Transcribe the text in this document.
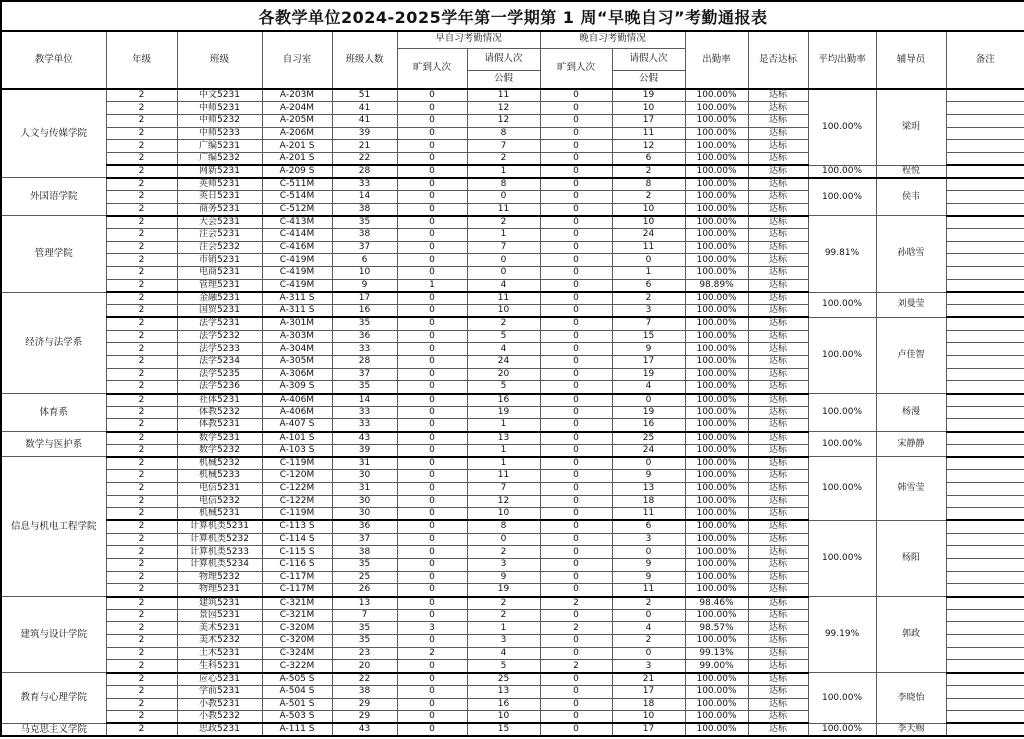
各教学单位2024-2025学年第一学期第 1 周“早晚自习”考勤通报表													
教学单位	年级	班级	自习室	班级人数	早自习考勤情况		晚自习考勤情况		出勤率	是否达标	平均出勤率	辅导员	备注
					旷到人次	请假人次	旷到人次	请假人次					
						公假		公假					
人文与传媒学院	2	中文5231	A-203M	51	0	11	0	19	100.00%	达标	100.00%	梁玥	
	2	中师5231	A-204M	41	0	12	0	10	100.00%	达标			
	2	中师5232	A-205M	41	0	12	0	17	100.00%	达标			
	2	中师5233	A-206M	39	0	8	0	11	100.00%	达标			
	2	广编5231	A-201 S	21	0	7	0	12	100.00%	达标			
	2	广编5232	A-201 S	22	0	2	0	6	100.00%	达标			
	2	网新5231	A-209 S	28	0	1	0	2	100.00%	达标	100.00%	程悦	
外国语学院	2	英师5231	C-511M	33	0	8	0	8	100.00%	达标	100.00%	侯韦	
	2	英日5231	C-514M	14	0	0	0	2	100.00%	达标			
	2	商务5231	C-512M	38	0	11	0	10	100.00%	达标			
管理学院	2	大会5231	C-413M	35	0	2	0	10	100.00%	达标	99.81%	孙晗雪	
	2	注会5231	C-414M	38	0	1	0	24	100.00%	达标			
	2	注会5232	C-416M	37	0	7	0	11	100.00%	达标			
	2	市销5231	C-419M	6	0	0	0	0	100.00%	达标			
	2	电商5231	C-419M	10	0	0	0	1	100.00%	达标			
	2	管理5231	C-419M	9	1	4	0	6	98.89%	达标			
经济与法学系	2	金融5231	A-311 S	17	0	11	0	2	100.00%	达标	100.00%	刘曼莹	
	2	国贸5231	A-311 S	16	0	10	0	3	100.00%	达标			
	2	法学5231	A-301M	35	0	2	0	7	100.00%	达标	100.00%	卢佳智	
	2	法学5232	A-303M	36	0	5	0	15	100.00%	达标			
	2	法学5233	A-304M	33	0	4	0	9	100.00%	达标			
	2	法学5234	A-305M	28	0	24	0	17	100.00%	达标			
	2	法学5235	A-306M	37	0	20	0	19	100.00%	达标			
	2	法学5236	A-309 S	35	0	5	0	4	100.00%	达标			
体育系	2	社体5231	A-406M	14	0	16	0	0	100.00%	达标	100.00%	杨漫	
	2	体教5232	A-406M	33	0	19	0	19	100.00%	达标			
	2	体教5231	A-407 S	33	0	1	0	16	100.00%	达标			
数学与医护系	2	数学5231	A-101 S	43	0	13	0	25	100.00%	达标	100.00%	宋静静	
	2	数学5232	A-103 S	39	0	1	0	24	100.00%	达标			
信息与机电工程学院	2	机械5232	C-119M	31	0	1	0	0	100.00%	达标	100.00%	韩雪莹	
	2	机械5233	C-120M	30	0	11	0	9	100.00%	达标			
	2	电信5231	C-122M	31	0	7	0	13	100.00%	达标			
	2	电信5232	C-122M	30	0	12	0	18	100.00%	达标			
	2	机械5231	C-119M	30	0	10	0	11	100.00%	达标			
	2	计算机类5231	C-113 S	36	0	8	0	6	100.00%	达标	100.00%	杨阳	
	2	计算机类5232	C-114 S	37	0	0	0	3	100.00%	达标			
	2	计算机类5233	C-115 S	38	0	2	0	0	100.00%	达标			
	2	计算机类5234	C-116 S	35	0	3	0	9	100.00%	达标			
	2	物理5232	C-117M	25	0	9	0	9	100.00%	达标			
	2	物理5231	C-117M	26	0	19	0	11	100.00%	达标			
建筑与设计学院	2	建筑5231	C-321M	13	0	2	2	2	98.46%	达标	99.19%	郭政	
	2	景园5231	C-321M	7	0	2	0	0	100.00%	达标			
	2	美术5231	C-320M	35	3	1	2	4	98.57%	达标			
	2	美术5232	C-320M	35	0	3	0	2	100.00%	达标			
	2	土木5231	C-324M	23	2	4	0	0	99.13%	达标			
	2	生科5231	C-322M	20	0	5	2	3	99.00%	达标			
教育与心理学院	2	应心5231	A-505 S	22	0	25	0	21	100.00%	达标	100.00%	李晓怡	
	2	学前5231	A-504 S	38	0	13	0	17	100.00%	达标			
	2	小教5231	A-501 S	29	0	16	0	18	100.00%	达标			
	2	小教5232	A-503 S	29	0	10	0	10	100.00%	达标			
马克思主义学院	2	思政5231	A-111 S	43	0	15	0	17	100.00%	达标	100.00%	李天赐	
